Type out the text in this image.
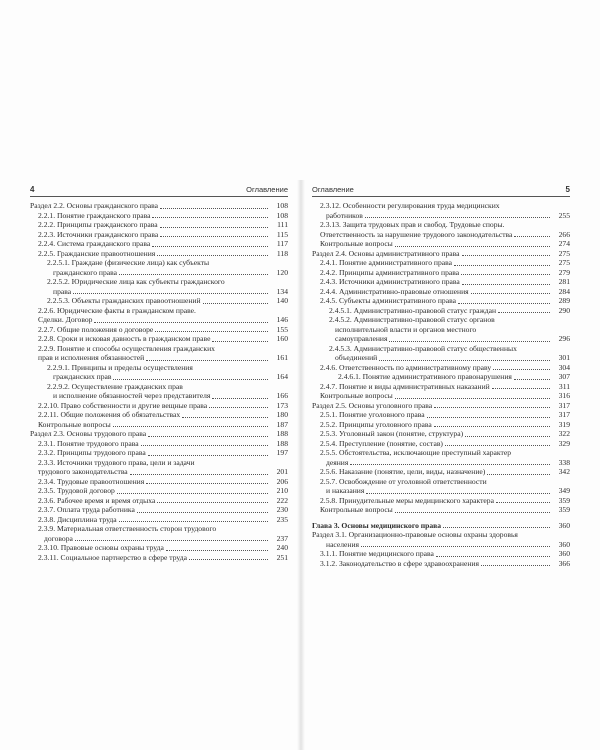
4	Оглавление
Раздел 2.2. Основы гражданского права	108
2.2.1. Понятие гражданского права	108
2.2.2. Принципы гражданского права	111
2.2.3. Источники гражданского права	115
2.2.4. Система гражданского права	117
2.2.5. Гражданские правоотношения	118
2.2.5.1. Граждане (физические лица) как субъекты
гражданского права	120
2.2.5.2. Юридические лица как субъекты гражданского
права	134
2.2.5.3. Объекты гражданских правоотношений	140
2.2.6. Юридические факты в гражданском праве.
Сделки. Договор	146
2.2.7. Общие положения о договоре	155
2.2.8. Сроки и исковая давность в гражданском праве	160
2.2.9. Понятие и способы осуществления гражданских
прав и исполнения обязанностей	161
2.2.9.1. Принципы и пределы осуществления
гражданских прав	164
2.2.9.2. Осуществление гражданских прав
и исполнение обязанностей через представителя	166
2.2.10. Право собственности и другие вещные права	173
2.2.11. Общие положения об обязательствах	180
Контрольные вопросы	187
Раздел 2.3. Основы трудового права	188
2.3.1. Понятие трудового права	188
2.3.2. Принципы трудового права	197
2.3.3. Источники трудового права, цели и задачи
трудового законодательства	201
2.3.4. Трудовые правоотношения	206
2.3.5. Трудовой договор	210
2.3.6. Рабочее время и время отдыха	222
2.3.7. Оплата труда работника	230
2.3.8. Дисциплина труда	235
2.3.9. Материальная ответственность сторон трудового
договора	237
2.3.10. Правовые основы охраны труда	240
2.3.11. Социальное партнерство в сфере труда	251
Оглавление	5
2.3.12. Особенности регулирования труда медицинских
работников	255
2.3.13. Защита трудовых прав и свобод. Трудовые споры.
Ответственность за нарушение трудового законодательства	266
Контрольные вопросы	274
Раздел 2.4. Основы административного права	275
2.4.1. Понятие административного права	275
2.4.2. Принципы административного права	279
2.4.3. Источники административного права	281
2.4.4. Административно-правовые отношения	284
2.4.5. Субъекты административного права	289
2.4.5.1. Административно-правовой статус граждан	290
2.4.5.2. Административно-правовой статус органов
исполнительной власти и органов местного
самоуправления	296
2.4.5.3. Административно-правовой статус общественных
объединений	301
2.4.6. Ответственность по административному праву	304
2.4.6.1. Понятие административного правонарушения	307
2.4.7. Понятие и виды административных наказаний	311
Контрольные вопросы	316
Раздел 2.5. Основы уголовного права	317
2.5.1. Понятие уголовного права	317
2.5.2. Принципы уголовного права	319
2.5.3. Уголовный закон (понятие, структура)	322
2.5.4. Преступление (понятие, состав)	329
2.5.5. Обстоятельства, исключающие преступный характер
деяния	338
2.5.6. Наказание (понятие, цели, виды, назначение)	342
2.5.7. Освобождение от уголовной ответственности
и наказания	349
2.5.8. Принудительные меры медицинского характера	359
Контрольные вопросы	359
Глава 3. Основы медицинского права	360
Раздел 3.1. Организационно-правовые основы охраны здоровья
населения	360
3.1.1. Понятие медицинского права	360
3.1.2. Законодательство в сфере здравоохранения	366
